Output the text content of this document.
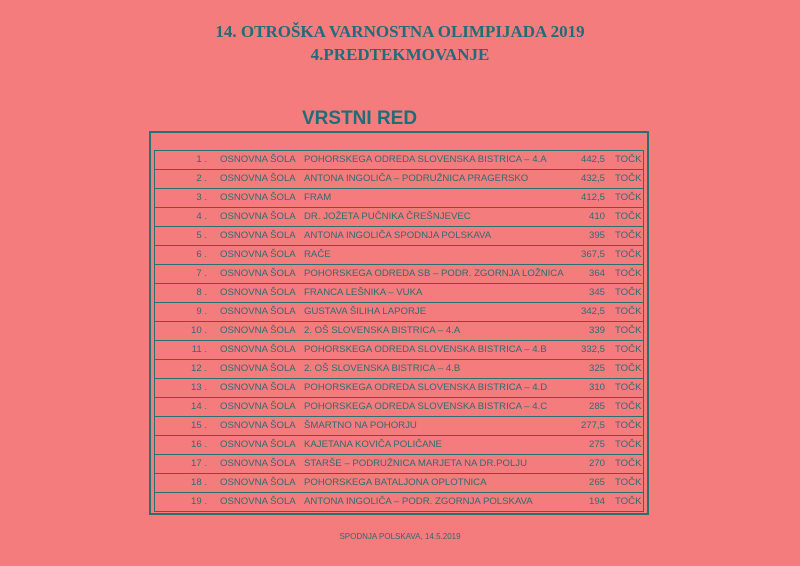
14. OTROŠKA VARNOSTNA OLIMPIJADA 2019
4.PREDTEKMOVANJE
VRSTNI RED
1 . OSNOVNA ŠOLA POHORSKEGA ODREDA SLOVENSKA BISTRICA – 4.A	442,5 TOČK
2 . OSNOVNA ŠOLA ANTONA INGOLIČA – PODRUŽNICA PRAGERSKO	432,5 TOČK
3 . OSNOVNA ŠOLA FRAM	412,5 TOČK
4 . OSNOVNA ŠOLA DR. JOŽETA PUČNIKA ČREŠNJEVEC	410 TOČK
5 . OSNOVNA ŠOLA ANTONA INGOLIČA SPODNJA POLSKAVA	395 TOČK
6 . OSNOVNA ŠOLA RAČE	367,5 TOČK
7 . OSNOVNA ŠOLA POHORSKEGA ODREDA SB – PODR. ZGORNJA LOŽNICA	364 TOČK
8 . OSNOVNA ŠOLA FRANCA LEŠNIKA – VUKA	345 TOČK
9 . OSNOVNA ŠOLA GUSTAVA ŠILIHA LAPORJE	342,5 TOČK
10 . OSNOVNA ŠOLA 2. OŠ SLOVENSKA BISTRICA – 4.A	339 TOČK
11 . OSNOVNA ŠOLA POHORSKEGA ODREDA SLOVENSKA BISTRICA – 4.B	332,5 TOČK
12 . OSNOVNA ŠOLA 2. OŠ SLOVENSKA BISTRICA – 4.B	325 TOČK
13 . OSNOVNA ŠOLA POHORSKEGA ODREDA SLOVENSKA BISTRICA – 4.D	310 TOČK
14 . OSNOVNA ŠOLA POHORSKEGA ODREDA SLOVENSKA BISTRICA – 4.C	285 TOČK
15 . OSNOVNA ŠOLA ŠMARTNO NA POHORJU	277,5 TOČK
16 . OSNOVNA ŠOLA KAJETANA KOVIČA POLIČANE	275 TOČK
17 . OSNOVNA ŠOLA STARŠE – PODRUŽNICA MARJETA NA DR.POLJU	270 TOČK
18 . OSNOVNA ŠOLA POHORSKEGA BATALJONA OPLOTNICA	265 TOČK
19 . OSNOVNA ŠOLA ANTONA INGOLIČA – PODR. ZGORNJA POLSKAVA	194 TOČK

SPODNJA POLSKAVA, 14.5.2019
